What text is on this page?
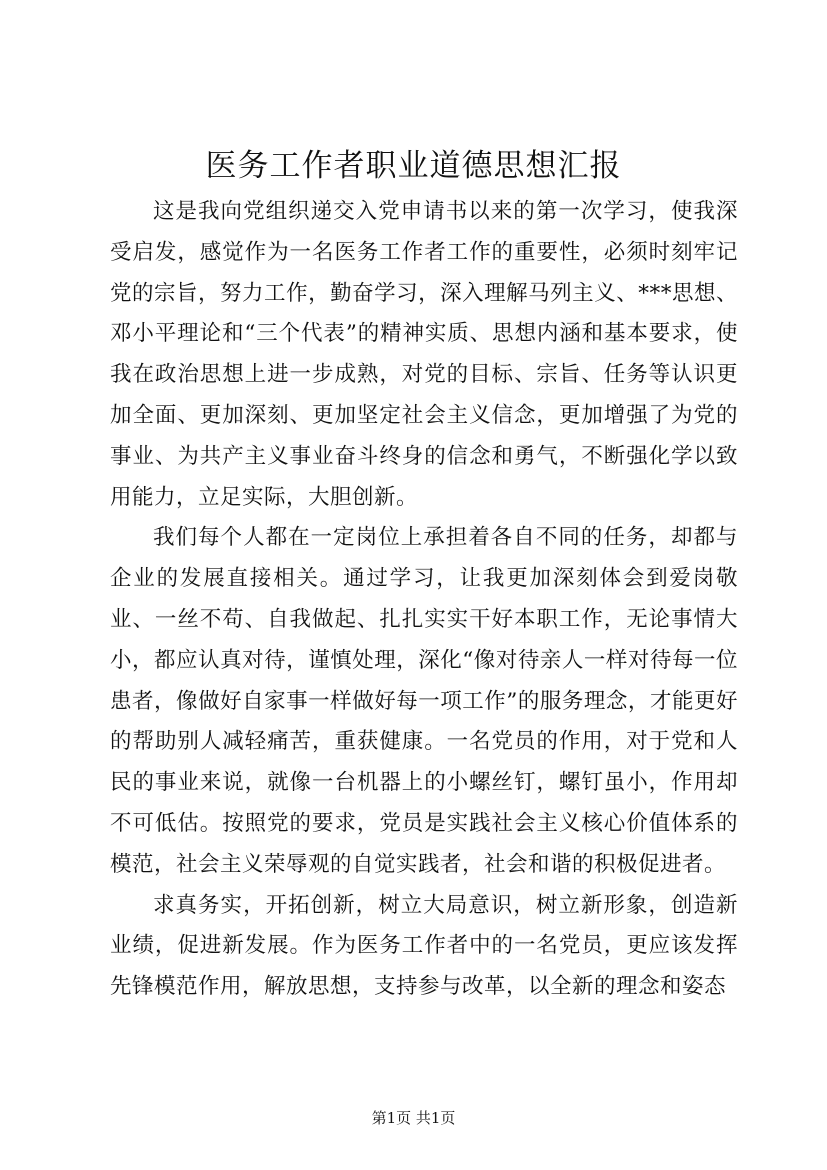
医务工作者职业道德思想汇报

这是我向党组织递交入党申请书以来的第一次学习，使我深受启发，感觉作为一名医务工作者工作的重要性，必须时刻牢记党的宗旨，努力工作，勤奋学习，深入理解马列主义、***思想、邓小平理论和“三个代表”的精神实质、思想内涵和基本要求，使我在政治思想上进一步成熟，对党的目标、宗旨、任务等认识更加全面、更加深刻、更加坚定社会主义信念，更加增强了为党的事业、为共产主义事业奋斗终身的信念和勇气，不断强化学以致用能力，立足实际，大胆创新。

我们每个人都在一定岗位上承担着各自不同的任务，却都与企业的发展直接相关。通过学习，让我更加深刻体会到爱岗敬业、一丝不苟、自我做起、扎扎实实干好本职工作，无论事情大小，都应认真对待，谨慎处理，深化“像对待亲人一样对待每一位患者，像做好自家事一样做好每一项工作”的服务理念，才能更好的帮助别人减轻痛苦，重获健康。一名党员的作用，对于党和人民的事业来说，就像一台机器上的小螺丝钉，螺钉虽小，作用却不可低估。按照党的要求，党员是实践社会主义核心价值体系的模范，社会主义荣辱观的自觉实践者，社会和谐的积极促进者。

求真务实，开拓创新，树立大局意识，树立新形象，创造新业绩，促进新发展。作为医务工作者中的一名党员，更应该发挥先锋模范作用，解放思想，支持参与改革，以全新的理念和姿态

第1页 共1页
